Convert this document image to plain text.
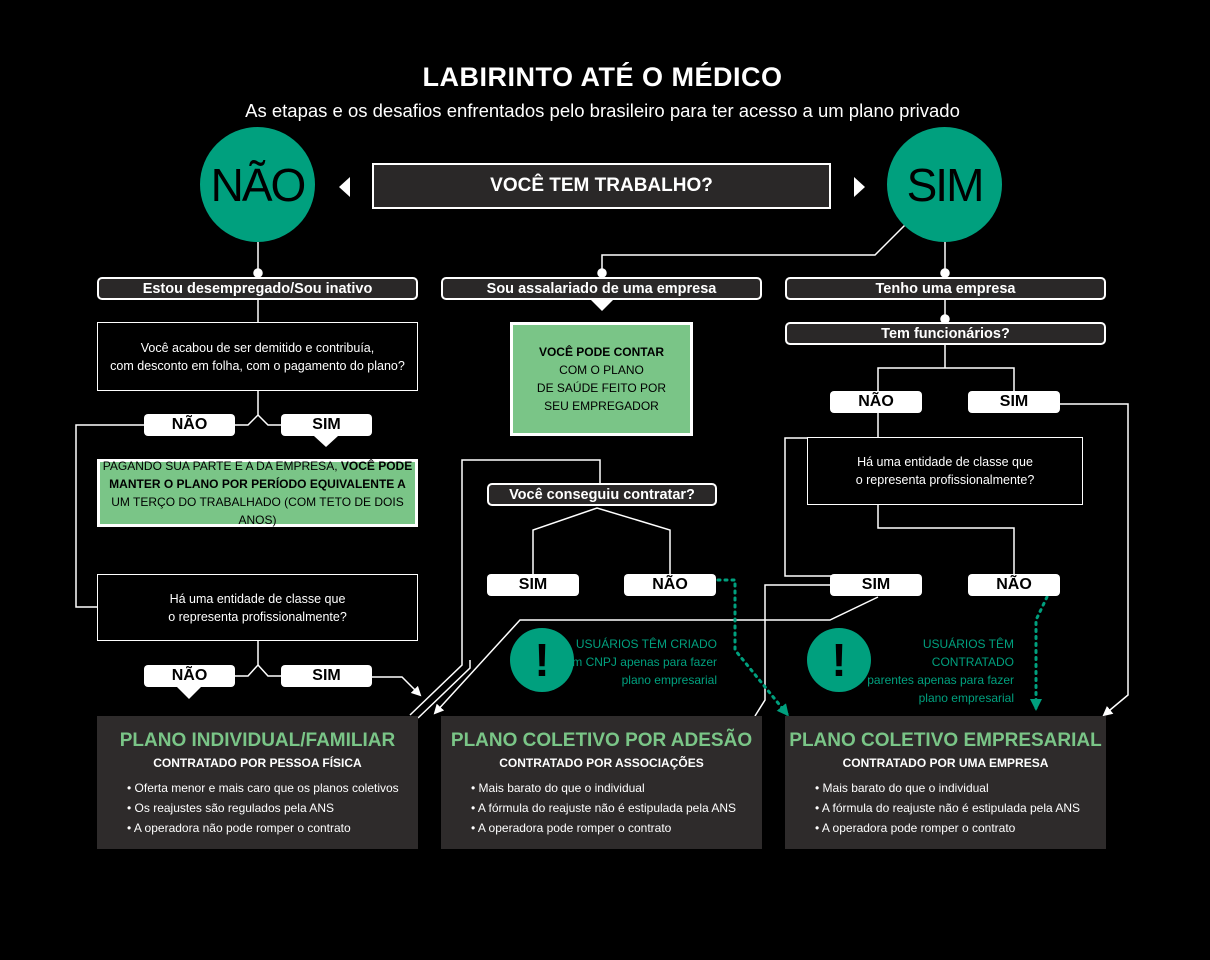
LABIRINTO ATÉ O MÉDICO
As etapas e os desafios enfrentados pelo brasileiro para ter acesso a um plano privado
NÃO	VOCÊ TEM TRABALHO?	SIM
Estou desempregado/Sou inativo	Sou assalariado de uma empresa	Tenho uma empresa
Você acabou de ser demitido e contribuía,
com desconto em folha, com o pagamento do plano?
NÃO	SIM
PAGANDO SUA PARTE E A DA EMPRESA, VOCÊ PODE
MANTER O PLANO POR PERÍODO EQUIVALENTE A
UM TERÇO DO TRABALHADO (COM TETO DE DOIS ANOS)
Há uma entidade de classe que
o representa profissionalmente?
NÃO	SIM
VOCÊ PODE CONTAR
COM O PLANO
DE SAÚDE FEITO POR
SEU EMPREGADOR
Você conseguiu contratar?
SIM	NÃO
!	USUÁRIOS TÊM CRIADO
um CNPJ apenas para fazer
plano empresarial
Tem funcionários?
NÃO	SIM
Há uma entidade de classe que
o representa profissionalmente?
SIM	NÃO
!	USUÁRIOS TÊM CONTRATADO
parentes apenas para fazer
plano empresarial
PLANO INDIVIDUAL/FAMILIAR
CONTRATADO POR PESSOA FÍSICA
• Oferta menor e mais caro que os planos coletivos
• Os reajustes são regulados pela ANS
• A operadora não pode romper o contrato
PLANO COLETIVO POR ADESÃO
CONTRATADO POR ASSOCIAÇÕES
• Mais barato do que o individual
• A fórmula do reajuste não é estipulada pela ANS
• A operadora pode romper o contrato
PLANO COLETIVO EMPRESARIAL
CONTRATADO POR UMA EMPRESA
• Mais barato do que o individual
• A fórmula do reajuste não é estipulada pela ANS
• A operadora pode romper o contrato
